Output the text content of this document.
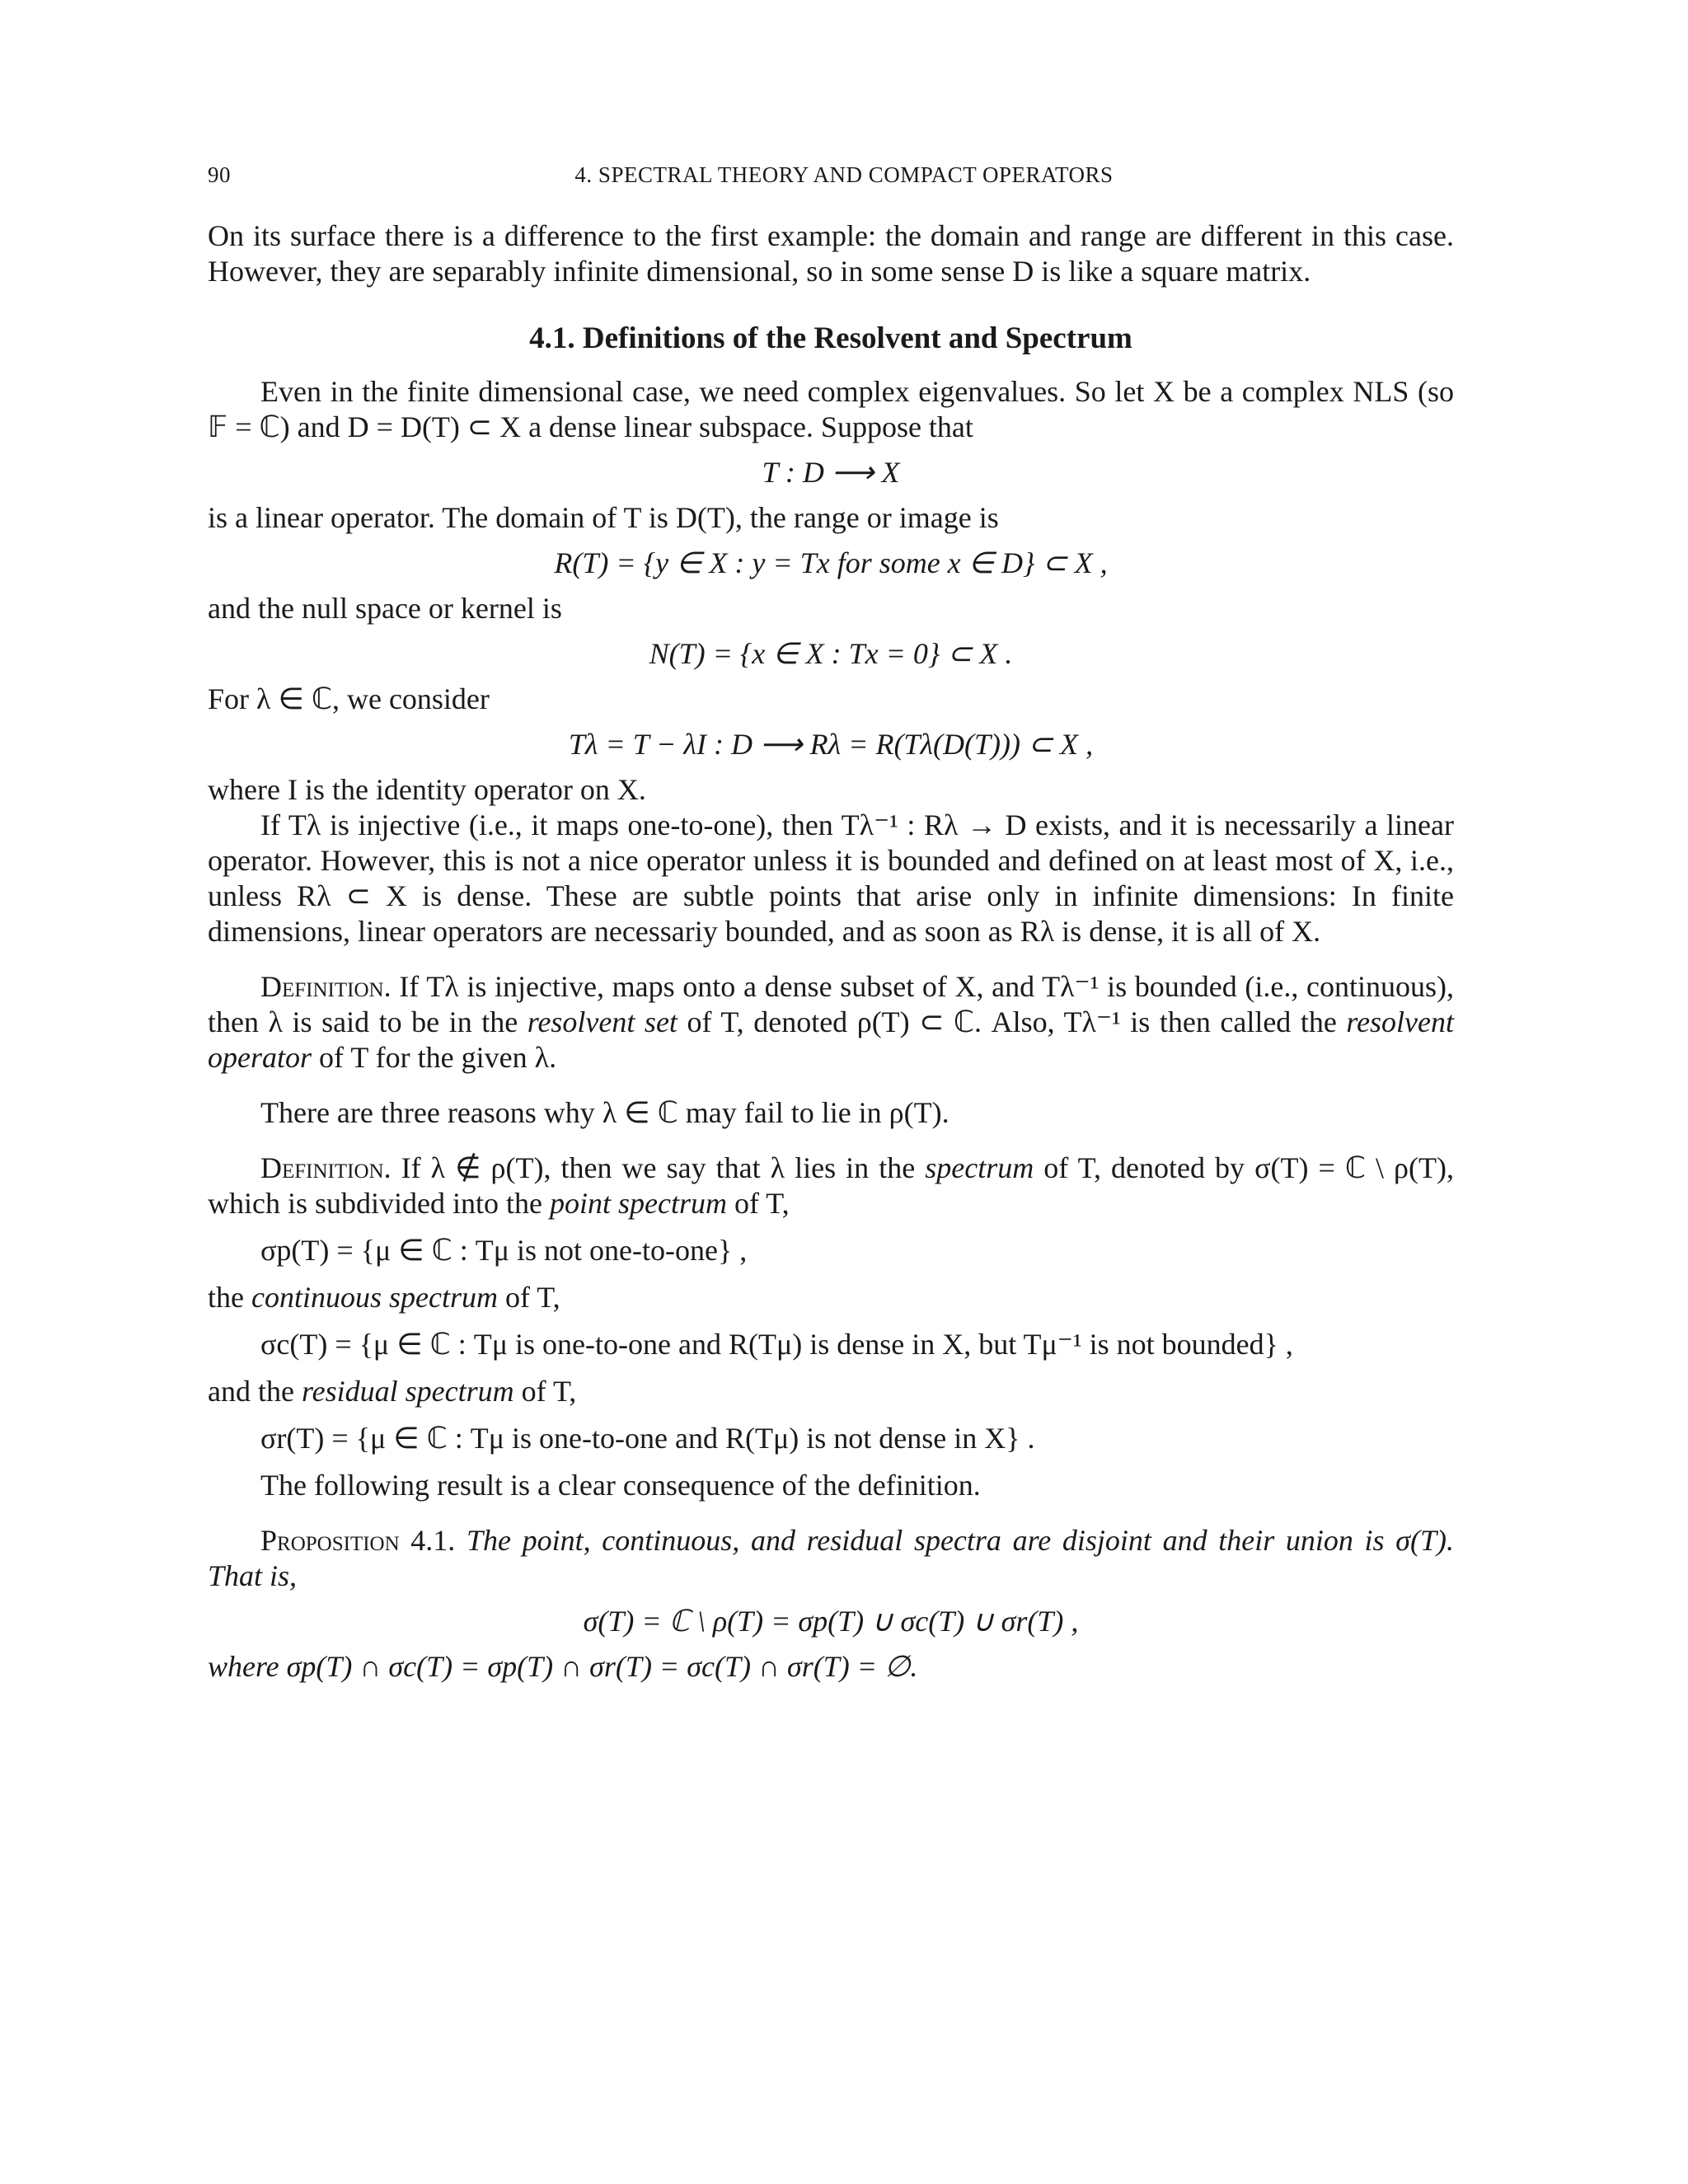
90	4. SPECTRAL THEORY AND COMPACT OPERATORS

On its surface there is a difference to the first example: the domain and range are different in this case. However, they are separably infinite dimensional, so in some sense D is like a square matrix.

4.1. Definitions of the Resolvent and Spectrum

Even in the finite dimensional case, we need complex eigenvalues. So let X be a complex NLS (so 𝔽 = ℂ) and D = D(T) ⊂ X a dense linear subspace. Suppose that

T : D ⟶ X

is a linear operator. The domain of T is D(T), the range or image is

R(T) = {y ∈ X : y = Tx for some x ∈ D} ⊂ X ,

and the null space or kernel is

N(T) = {x ∈ X : Tx = 0} ⊂ X .

For λ ∈ ℂ, we consider

Tλ = T − λI : D ⟶ Rλ = R(Tλ(D(T))) ⊂ X ,

where I is the identity operator on X.

If Tλ is injective (i.e., it maps one-to-one), then Tλ⁻¹ : Rλ → D exists, and it is necessarily a linear operator. However, this is not a nice operator unless it is bounded and defined on at least most of X, i.e., unless Rλ ⊂ X is dense. These are subtle points that arise only in infinite dimensions: In finite dimensions, linear operators are necessariy bounded, and as soon as Rλ is dense, it is all of X.

Definition. If Tλ is injective, maps onto a dense subset of X, and Tλ⁻¹ is bounded (i.e., continuous), then λ is said to be in the resolvent set of T, denoted ρ(T) ⊂ ℂ. Also, Tλ⁻¹ is then called the resolvent operator of T for the given λ.

There are three reasons why λ ∈ ℂ may fail to lie in ρ(T).

Definition. If λ ∉ ρ(T), then we say that λ lies in the spectrum of T, denoted by σ(T) = ℂ \ ρ(T), which is subdivided into the point spectrum of T,

σp(T) = {μ ∈ ℂ : Tμ is not one-to-one} ,

the continuous spectrum of T,

σc(T) = {μ ∈ ℂ : Tμ is one-to-one and R(Tμ) is dense in X, but Tμ⁻¹ is not bounded} ,

and the residual spectrum of T,

σr(T) = {μ ∈ ℂ : Tμ is one-to-one and R(Tμ) is not dense in X} .

The following result is a clear consequence of the definition.

Proposition 4.1. The point, continuous, and residual spectra are disjoint and their union is σ(T). That is,

σ(T) = ℂ \ ρ(T) = σp(T) ∪ σc(T) ∪ σr(T) ,

where σp(T) ∩ σc(T) = σp(T) ∩ σr(T) = σc(T) ∩ σr(T) = ∅.
